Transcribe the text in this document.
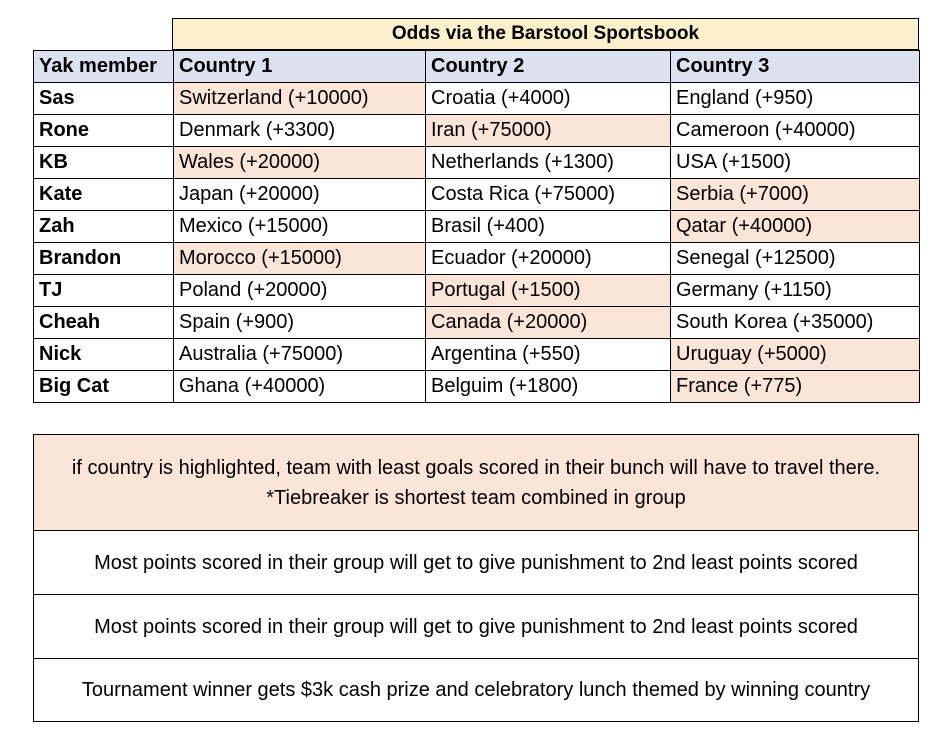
Odds via the Barstool Sportsbook
Yak member	Country 1	Country 2	Country 3
Sas	Switzerland (+10000)	Croatia (+4000)	England (+950)
Rone	Denmark (+3300)	Iran (+75000)	Cameroon (+40000)
KB	Wales (+20000)	Netherlands (+1300)	USA (+1500)
Kate	Japan (+20000)	Costa Rica (+75000)	Serbia (+7000)
Zah	Mexico (+15000)	Brasil (+400)	Qatar (+40000)
Brandon	Morocco (+15000)	Ecuador (+20000)	Senegal (+12500)
TJ	Poland (+20000)	Portugal (+1500)	Germany (+1150)
Cheah	Spain (+900)	Canada (+20000)	South Korea (+35000)
Nick	Australia (+75000)	Argentina (+550)	Uruguay (+5000)
Big Cat	Ghana (+40000)	Belguim (+1800)	France (+775)
if country is highlighted, team with least goals scored in their bunch will have to travel there. *Tiebreaker is shortest team combined in group
Most points scored in their group will get to give punishment to 2nd least points scored
Most points scored in their group will get to give punishment to 2nd least points scored
Tournament winner gets $3k cash prize and celebratory lunch themed by winning country
